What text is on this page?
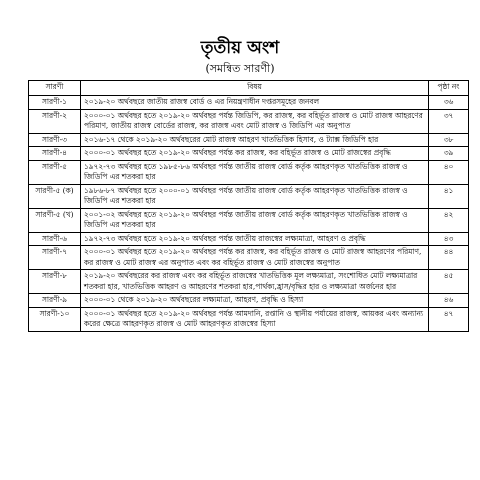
তৃতীয় অংশ
(সমন্বিত সারণী)
সারণী	বিষয়	পৃষ্ঠা নং
সারণী-১	২০১৯-২০ অর্থবছরে জাতীয় রাজস্ব বোর্ড ও এর নিয়ন্ত্রণাধীন দপ্তরসমূহের জনবল	৩৬
সারণী-২	২০০০-০১ অর্থবছর হতে ২০১৯-২০ অর্থবছর পর্যন্ত জিডিপি, কর রাজস্ব, কর বহির্ভূত রাজস্ব ও মোট রাজস্ব আহরণের পরিমাণ, জাতীয় রাজস্ব বোর্ডের রাজস্ব, কর রাজস্ব এবং মোট রাজস্ব ও জিডিপি এর অনুপাত	৩৭
সারণী-৩	২০১৬-১৭ থেকে ২০১৯-২০ অর্থবছরের মোট রাজস্ব আহরণ খাতভিত্তিক হিসাব, ও ট্যাক্স জিডিপি হার	৩৮
সারণী-৪	২০০০-০১ অর্থবছর হতে ২০১৯-২০ অর্থবছর পর্যন্ত কর রাজস্ব, কর বহির্ভূত রাজস্ব ও মোট রাজস্বের প্রবৃদ্ধি	৩৯
সারণী-৫	১৯৭২-৭৩ অর্থবছর হতে ১৯৮৫-৮৬ অর্থবছর পর্যন্ত জাতীয় রাজস্ব বোর্ড কর্তৃক আহরণকৃত খাতভিত্তিক রাজস্ব ও জিডিপি এর শতকরা হার	৪০
সারণী-৫ (ক)	১৯৮৬-৮৭ অর্থবছর হতে ২০০০-০১ অর্থবছর পর্যন্ত জাতীয় রাজস্ব বোর্ড কর্তৃক আহরণকৃত খাতভিত্তিক রাজস্ব ও জিডিপি এর শতকরা হার	৪১
সারণী-৫ (খ)	২০০১-০২ অর্থবছর হতে ২০১৯-২০ অর্থবছর পর্যন্ত জাতীয় রাজস্ব বোর্ড কর্তৃক আহরণকৃত খাতভিত্তিক রাজস্ব ও জিডিপি এর শতকরা হার	৪২
সারণী-৬	১৯৭২-৭৩ অর্থবছর হতে ২০১৯-২০ অর্থবছর পর্যন্ত জাতীয় রাজস্বের লক্ষ্যমাত্রা, আহরণ ও প্রবৃদ্ধি	৪৩
সারণী-৭	২০০০-০১ অর্থবছর হতে ২০১৯-২০ অর্থবছর পর্যন্ত কর রাজস্ব, কর বহির্ভূত রাজস্ব ও মোট রাজস্ব আহরণের পরিমাণ, কর রাজস্ব ও মোট রাজস্ব এর অনুপাত এবং কর বহির্ভূত রাজস্ব ও মোট রাজস্বের অনুপাত	৪৪
সারণী-৮	২০১৯-২০ অর্থবছরের কর রাজস্ব এবং কর বহির্ভূত রাজস্বের খাতভিত্তিক মূল লক্ষ্যমাত্রা, সংশোধিত মোট লক্ষ্যমাত্রার শতকরা হার, খাতভিত্তিক আহরণ ও আহরণের শতকরা হার,পার্থক্য,হ্রাস/বৃদ্ধির হার ও লক্ষ্যমাত্রা অর্জনের হার	৪৫
সারণী-৯	২০০০-০১ থেকে ২০১৯-২০ অর্থবছরের লক্ষ্যমাত্রা, আহরণ, প্রবৃদ্ধি ও হিস্যা	৪৬
সারণী-১০	২০০০-০১ অর্থবছর হতে ২০১৯-২০ অর্থবছর পর্যন্ত আমদানি, রপ্তানি ও স্থানীয় পর্যায়ের রাজস্ব, আয়কর এবং অন্যান্য করের ক্ষেত্রে আহরণকৃত রাজস্ব ও মোট আহরণকৃত রাজস্বের হিস্যা	৪৭
